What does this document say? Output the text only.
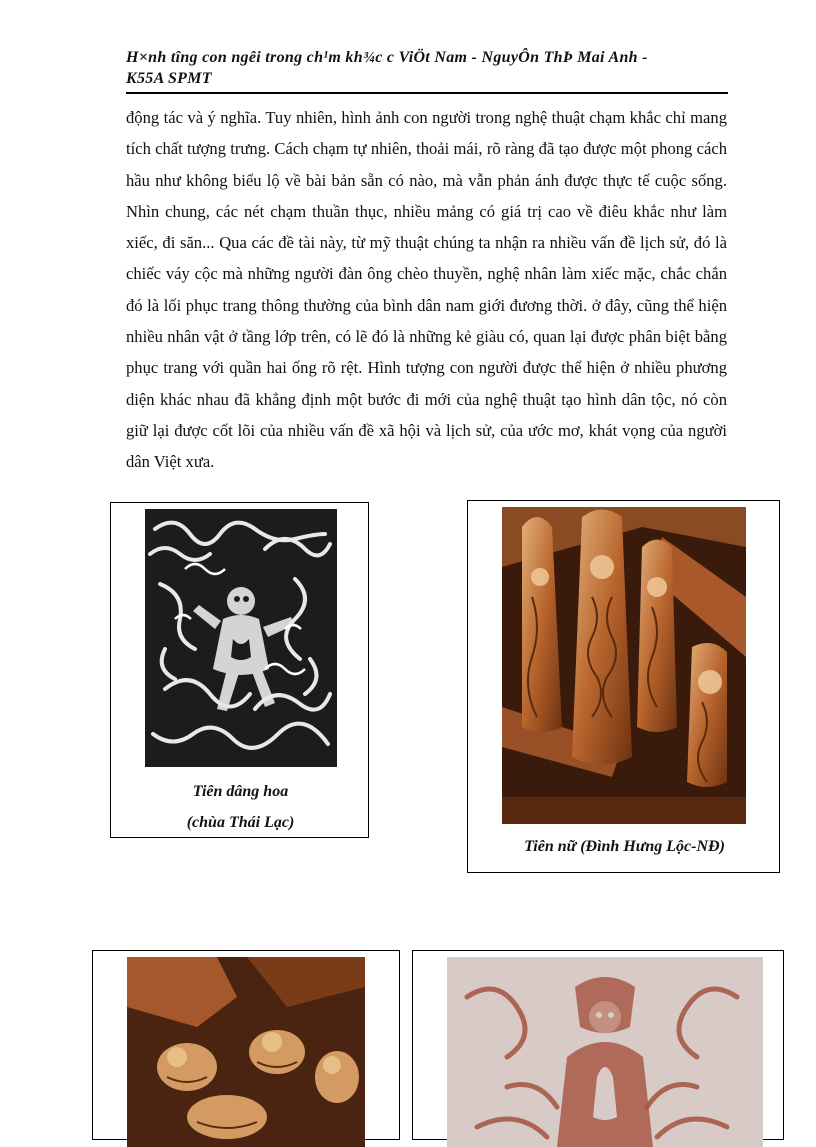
H×nh tîng con ngêi trong ch¹m kh¾c c ViÖt Nam - NguyÔn ThÞ Mai Anh -
K55A SPMT

động tác và ý nghĩa. Tuy nhiên, hình ảnh con người trong nghệ thuật chạm khắc chỉ mang tích chất tượng trưng. Cách chạm tự nhiên, thoải mái, rõ ràng đã tạo được một phong cách hầu như không biểu lộ về bài bản sẵn có nào, mà vẫn phản ánh được thực tế cuộc sống. Nhìn chung, các nét chạm thuần thục, nhiều mảng có giá trị cao về điêu khắc như làm xiếc, đi săn... Qua các đề tài này, từ mỹ thuật chúng ta nhận ra nhiều vấn đề lịch sử, đó là chiếc váy cộc mà những người đàn ông chèo thuyền, nghệ nhân làm xiếc mặc, chắc chắn đó là lối phục trang thông thường của bình dân nam giới đương thời. ở đây, cũng thể hiện nhiều nhân vật ở tầng lớp trên, có lẽ đó là những kẻ giàu có, quan lại được phân biệt bằng phục trang với quần hai ống rõ rệt. Hình tượng con người được thể hiện ở nhiều phương diện khác nhau đã khẳng định một bước đi mới của nghệ thuật tạo hình dân tộc, nó còn giữ lại được cốt lõi của nhiều vấn đề xã hội và lịch sử, của ước mơ, khát vọng của người dân Việt xưa.

Tiên dâng hoa
(chùa Thái Lạc)
Tiên nữ (Đình Hưng Lộc-NĐ)
